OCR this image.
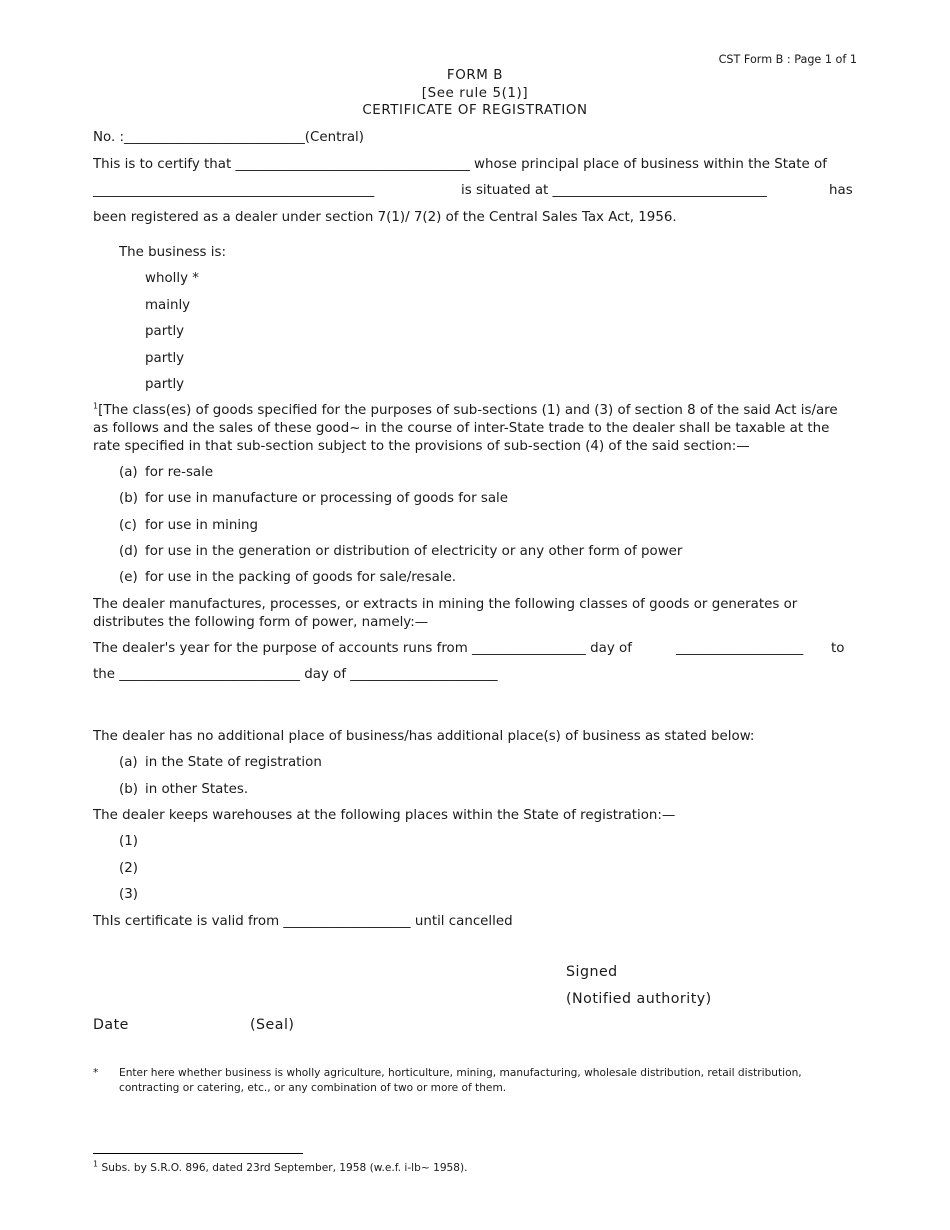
CST Form B : Page 1 of 1
FORM B
[See rule 5(1)]
CERTIFICATE OF REGISTRATION
No. :___________________________(Central)
This is to certify that ___________________________________ whose principal place of business within the State of
__________________________________________	is situated at ________________________________	has
been registered as a dealer under section 7(1)/ 7(2) of the Central Sales Tax Act, 1956.
The business is:
wholly *
mainly
partly
partly
partly
$^1$[The class(es) of goods specified for the purposes of sub-sections (1) and (3) of section 8 of the said Act is/are as follows and the sales of these good~ in the course of inter-State trade to the dealer shall be taxable at the rate specified in that sub-section subject to the provisions of sub-section (4) of the said section:—
(a) for re-sale
(b) for use in manufacture or processing of goods for sale
(c) for use in mining
(d) for use in the generation or distribution of electricity or any other form of power
(e) for use in the packing of goods for sale/resale.
The dealer manufactures, processes, or extracts in mining the following classes of goods or generates or distributes the following form of power, namely:—
The dealer's year for the purpose of accounts runs from _________________ day of	___________________ to
the ___________________________ day of ______________________
The dealer has no additional place of business/has additional place(s) of business as stated below:
(a) in the State of registration
(b) in other States.
The dealer keeps warehouses at the following places within the State of registration:—
(1)
(2)
(3)
ThIs certificate is valid from ___________________ until cancelled
Signed
(Notified authority)
Date	(Seal)
* Enter here whether business is wholly agriculture, horticulture, mining, manufacturing, wholesale distribution, retail distribution, contracting or catering, etc., or any combination of two or more of them.
$^1$ Subs. by S.R.O. 896, dated 23rd September, 1958 (w.e.f. i-lb~ 1958).
